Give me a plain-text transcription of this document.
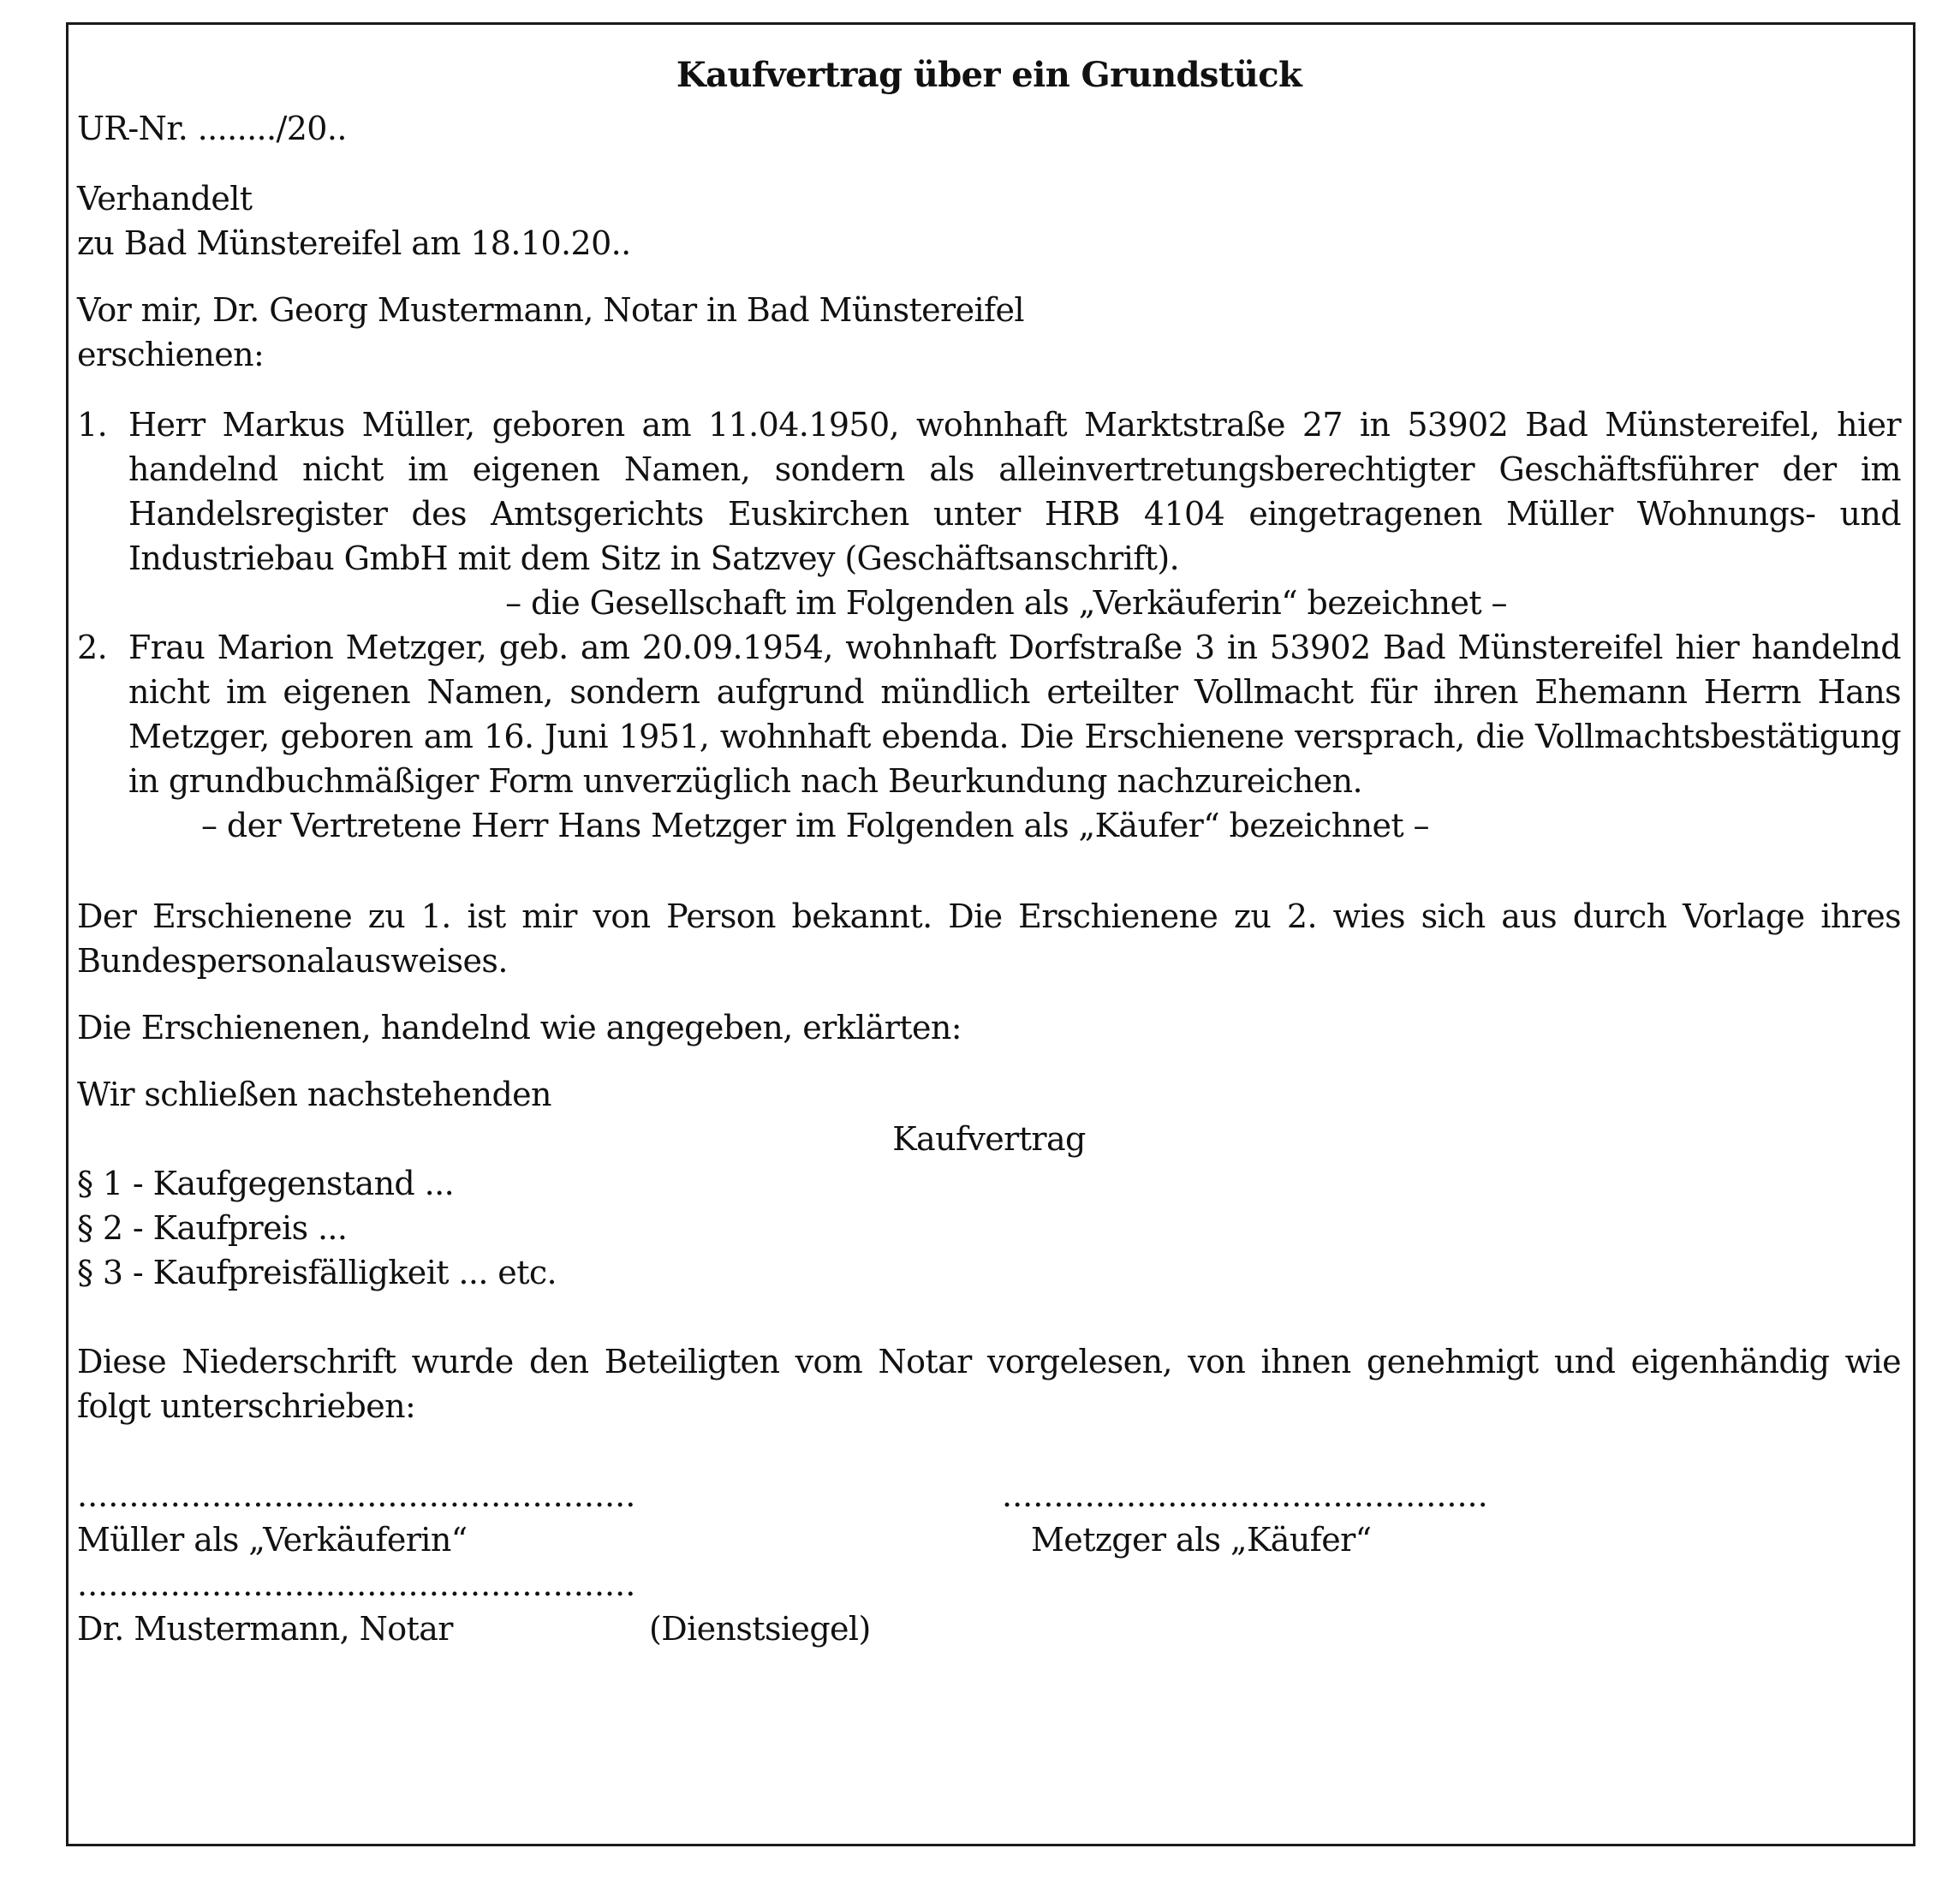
Kaufvertrag über ein Grundstück
UR-Nr. ......../20..
Verhandelt
zu Bad Münstereifel am 18.10.20..
Vor mir, Dr. Georg Mustermann, Notar in Bad Münstereifel
erschienen:
1. Herr Markus Müller, geboren am 11.04.1950, wohnhaft Marktstraße 27 in 53902 Bad Münstereifel, hier handelnd nicht im eigenen Namen, sondern als alleinvertretungsberechtigter Geschäftsführer der im Handelsregister des Amtsgerichts Euskirchen unter HRB 4104 eingetragenen Müller Wohnungs- und Industriebau GmbH mit dem Sitz in Satzvey (Geschäftsanschrift).
– die Gesellschaft im Folgenden als „Verkäuferin“ bezeichnet –
2. Frau Marion Metzger, geb. am 20.09.1954, wohnhaft Dorfstraße 3 in 53902 Bad Münstereifel hier handelnd nicht im eigenen Namen, sondern aufgrund mündlich erteilter Vollmacht für ihren Ehemann Herrn Hans Metzger, geboren am 16. Juni 1951, wohnhaft ebenda. Die Erschienene versprach, die Vollmachtsbestätigung in grundbuchmäßiger Form unverzüglich nach Beurkundung nachzureichen.
– der Vertretene Herr Hans Metzger im Folgenden als „Käufer“ bezeichnet –
Der Erschienene zu 1. ist mir von Person bekannt. Die Erschienene zu 2. wies sich aus durch Vorlage ihres Bundespersonalausweises.
Die Erschienenen, handelnd wie angegeben, erklärten:
Wir schließen nachstehenden
Kaufvertrag
§ 1 - Kaufgegenstand ...
§ 2 - Kaufpreis ...
§ 3 - Kaufpreisfälligkeit ... etc.
Diese Niederschrift wurde den Beteiligten vom Notar vorgelesen, von ihnen genehmigt und eigenhändig wie folgt unterschrieben:
......................................................	...............................................
Müller als „Verkäuferin“	Metzger als „Käufer“
......................................................
Dr. Mustermann, Notar	(Dienstsiegel)
